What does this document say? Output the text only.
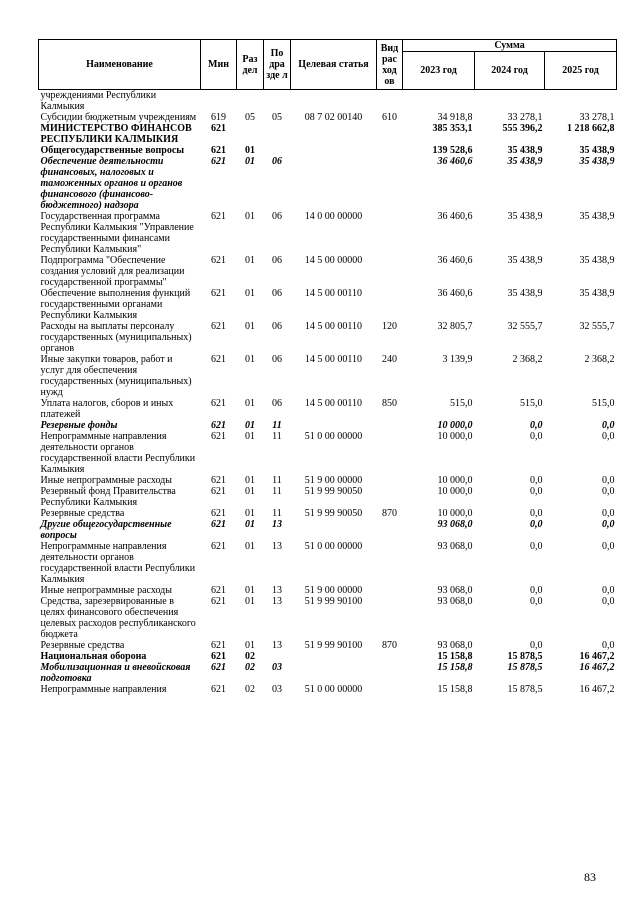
Наименование	Мин	Раз дел	По дра зде л	Целевая статья	Вид рас ход ов	Сумма		
						2023 год	2024 год	2025 год
учреждениями Республики Калмыкия								
Субсидии бюджетным учреждениям	619	05	05	08 7 02 00140	610	34 918,8	33 278,1	33 278,1
МИНИСТЕРСТВО ФИНАНСОВ РЕСПУБЛИКИ КАЛМЫКИЯ	621					385 353,1	555 396,2	1 218 662,8
Общегосударственные вопросы	621	01				139 528,6	35 438,9	35 438,9
Обеспечение деятельности финансовых, налоговых и таможенных органов и органов финансового (финансово-бюджетного) надзора	621	01	06			36 460,6	35 438,9	35 438,9
Государственная программа Республики Калмыкия "Управление государственными финансами Республики Калмыкия"	621	01	06	14 0 00 00000		36 460,6	35 438,9	35 438,9
Подпрограмма "Обеспечение создания условий для реализации государственной программы"	621	01	06	14 5 00 00000		36 460,6	35 438,9	35 438,9
Обеспечение выполнения функций государственными органами Республики Калмыкия	621	01	06	14 5 00 00110		36 460,6	35 438,9	35 438,9
Расходы на выплаты персоналу государственных (муниципальных) органов	621	01	06	14 5 00 00110	120	32 805,7	32 555,7	32 555,7
Иные закупки товаров, работ и услуг для обеспечения государственных (муниципальных) нужд	621	01	06	14 5 00 00110	240	3 139,9	2 368,2	2 368,2
Уплата налогов, сборов и иных платежей	621	01	06	14 5 00 00110	850	515,0	515,0	515,0
Резервные фонды	621	01	11			10 000,0	0,0	0,0
Непрограммные направления деятельности органов государственной власти Республики Калмыкия	621	01	11	51 0 00 00000		10 000,0	0,0	0,0
Иные непрограммные расходы	621	01	11	51 9 00 00000		10 000,0	0,0	0,0
Резервный фонд Правительства Республики Калмыкия	621	01	11	51 9 99 90050		10 000,0	0,0	0,0
Резервные средства	621	01	11	51 9 99 90050	870	10 000,0	0,0	0,0
Другие общегосударственные вопросы	621	01	13			93 068,0	0,0	0,0
Непрограммные направления деятельности органов государственной власти Республики Калмыкия	621	01	13	51 0 00 00000		93 068,0	0,0	0,0
Иные непрограммные расходы	621	01	13	51 9 00 00000		93 068,0	0,0	0,0
Средства, зарезервированные в целях финансового обеспечения целевых расходов республиканского бюджета	621	01	13	51 9 99 90100		93 068,0	0,0	0,0
Резервные средства	621	01	13	51 9 99 90100	870	93 068,0	0,0	0,0
Национальная оборона	621	02				15 158,8	15 878,5	16 467,2
Мобилизационная и вневойсковая подготовка	621	02	03			15 158,8	15 878,5	16 467,2
Непрограммные направления	621	02	03	51 0 00 00000		15 158,8	15 878,5	16 467,2
83
